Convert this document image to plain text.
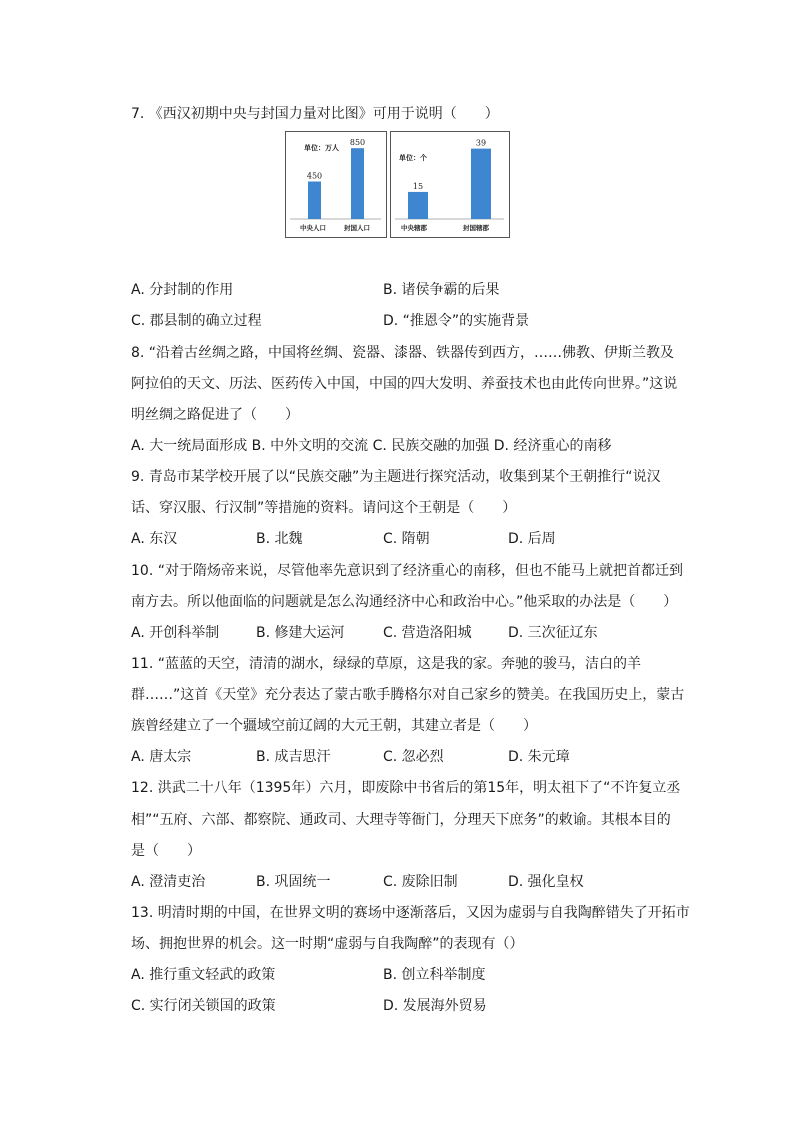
7. 《西汉初期中央与封国力量对比图》可用于说明（　　）
单位：万人
450
中央人口
850
封国人口
单位：个
15
中央辖郡
39
封国辖郡
A. 分封制的作用	B. 诸侯争霸的后果
C. 郡县制的确立过程	D. “推恩令”的实施背景
8. “沿着古丝绸之路，中国将丝绸、瓷器、漆器、铁器传到西方，……佛教、伊斯兰教及
阿拉伯的天文、历法、医药传入中国，中国的四大发明、养蚕技术也由此传向世界。”这说
明丝绸之路促进了（　　）
A. 大一统局面形成 B. 中外文明的交流 C. 民族交融的加强 D. 经济重心的南移
9. 青岛市某学校开展了以“民族交融”为主题进行探究活动，收集到某个王朝推行“说汉
话、穿汉服、行汉制”等措施的资料。请问这个王朝是（　　）
A. 东汉	B. 北魏	C. 隋朝	D. 后周
10. “对于隋炀帝来说，尽管他率先意识到了经济重心的南移，但也不能马上就把首都迁到
南方去。所以他面临的问题就是怎么沟通经济中心和政治中心。”他采取的办法是（　　）
A. 开创科举制	B. 修建大运河	C. 营造洛阳城	D. 三次征辽东
11. “蓝蓝的天空，清清的湖水，绿绿的草原，这是我的家。奔驰的骏马，洁白的羊
群……”这首《天堂》充分表达了蒙古歌手腾格尔对自己家乡的赞美。在我国历史上，蒙古
族曾经建立了一个疆域空前辽阔的大元王朝，其建立者是（　　）
A. 唐太宗	B. 成吉思汗	C. 忽必烈	D. 朱元璋
12. 洪武二十八年（1395年）六月，即废除中书省后的第15年，明太祖下了“不许复立丞
相”“五府、六部、都察院、通政司、大理寺等衙门，分理天下庶务”的敕谕。其根本目的
是（　　）
A. 澄清吏治	B. 巩固统一	C. 废除旧制	D. 强化皇权
13. 明清时期的中国，在世界文明的赛场中逐渐落后，又因为虚弱与自我陶醉错失了开拓市
场、拥抱世界的机会。这一时期“虚弱与自我陶醉”的表现有（）
A. 推行重文轻武的政策	B. 创立科举制度
C. 实行闭关锁国的政策	D. 发展海外贸易
